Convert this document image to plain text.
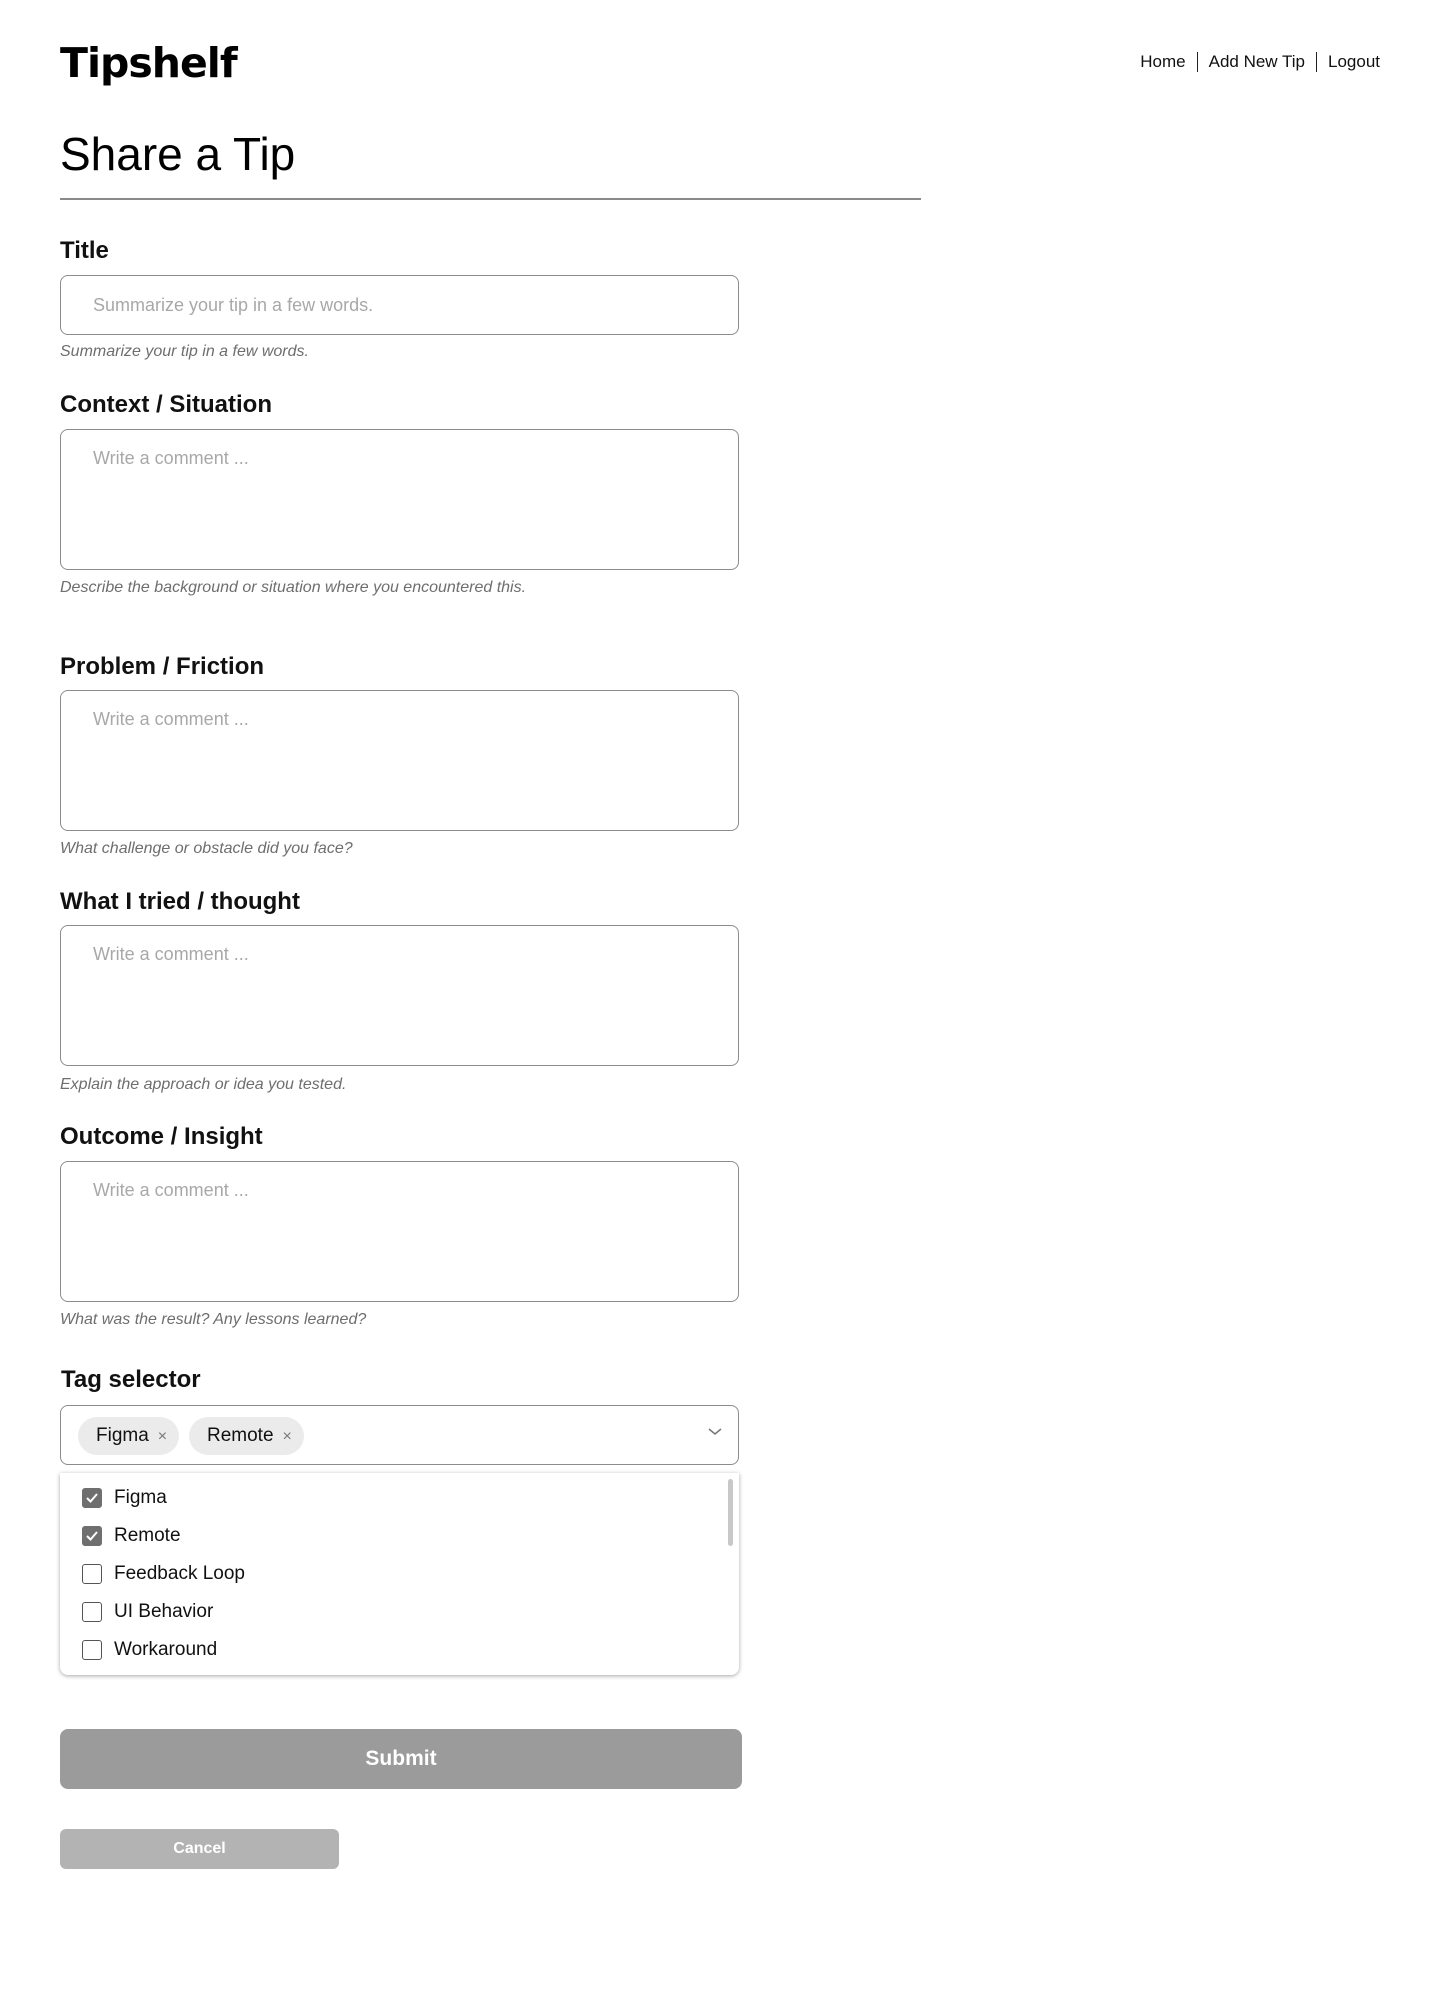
Tipshelf	Home Add New Tip Logout
Share a Tip
Title
Summarize your tip in a few words.
Summarize your tip in a few words.
Context / Situation
Write a comment ...
Describe the background or situation where you encountered this.
Problem / Friction
Write a comment ...
What challenge or obstacle did you face?
What I tried / thought
Write a comment ...
Explain the approach or idea you tested.
Outcome / Insight
Write a comment ...
What was the result? Any lessons learned?
Tag selector
Figma ×	Remote ×
Figma
Remote
Feedback Loop
UI Behavior
Workaround
Submit
Cancel
